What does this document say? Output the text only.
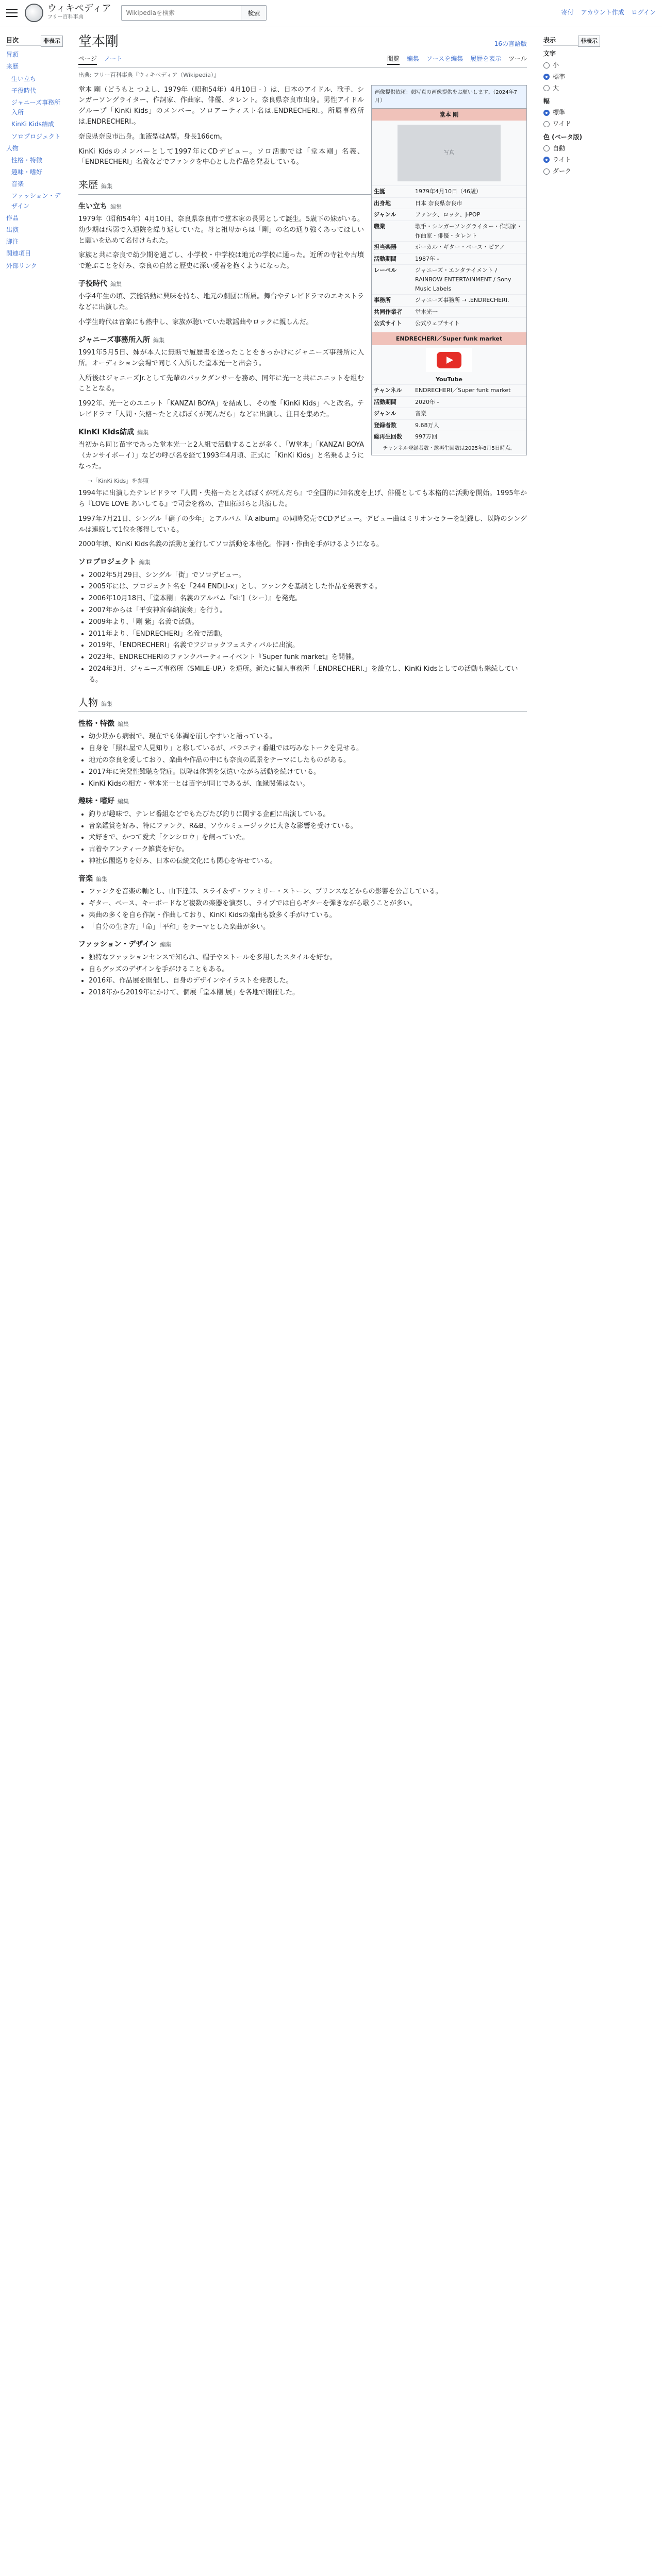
ウィキペディア
フリー百科事典
Wikipediaを検索
検索	寄付 アカウント作成 ログイン
目次	非表示
冒頭
来歴
生い立ち
子役時代
ジャニーズ事務所入所
KinKi Kids結成
ソロプロジェクト
人物
性格・特徴
趣味・嗜好
音楽
ファッション・デザイン
作品
出演
脚注
関連項目
外部リンク
堂本剛	16の言語版
ページ ノート	閲覧 編集 ソースを編集 履歴を表示 ツール
出典: フリー百科事典『ウィキペディア（Wikipedia）』
画像提供依頼：顔写真の画像提供をお願いします。（2024年7月）
堂本 剛
写真
生誕	1979年4月10日（46歳）
出身地	日本 奈良県奈良市
ジャンル	ファンク、ロック、J-POP
職業	歌手・シンガーソングライター・作詞家・作曲家・俳優・タレント
担当楽器	ボーカル・ギター・ベース・ピアノ
活動期間	1987年 -
レーベル	ジャニーズ・エンタテイメント / RAINBOW ENTERTAINMENT / Sony Music Labels
事務所	ジャニーズ事務所 → .ENDRECHERI.
共同作業者	堂本光一
公式サイト	公式ウェブサイト
ENDRECHERI／Super funk market
YouTube
チャンネル	ENDRECHERI／Super funk market
活動期間	2020年 -
ジャンル	音楽
登録者数	9.68万人
総再生回数	997万回
チャンネル登録者数・総再生回数は2025年8月5日時点。

堂本 剛（どうもと つよし、1979年（昭和54年）4月10日 - ）は、日本のアイドル、歌手、シンガーソングライター、作詞家、作曲家、俳優、タレント。奈良県奈良市出身。男性アイドルグループ「KinKi Kids」のメンバー。ソロアーティスト名は.ENDRECHERI.。所属事務所は.ENDRECHERI.。

奈良県奈良市出身。血液型はA型。身長166cm。

KinKi Kidsのメンバーとして1997年にCDデビュー。ソロ活動では「堂本剛」名義、「ENDRECHERI」名義などでファンクを中心とした作品を発表している。

来歴 編集
生い立ち 編集

1979年（昭和54年）4月10日、奈良県奈良市で堂本家の長男として誕生。5歳下の妹がいる。幼少期は病弱で入退院を繰り返していた。母と祖母からは「剛」の名の通り強くあってほしいと願いを込めて名付けられた。

家族と共に奈良で幼少期を過ごし、小学校・中学校は地元の学校に通った。近所の寺社や古墳で遊ぶことを好み、奈良の自然と歴史に深い愛着を抱くようになった。

子役時代 編集

小学4年生の頃、芸能活動に興味を持ち、地元の劇団に所属。舞台やテレビドラマのエキストラなどに出演した。

小学生時代は音楽にも熱中し、家族が聴いていた歌謡曲やロックに親しんだ。

ジャニーズ事務所入所 編集

1991年5月5日、姉が本人に無断で履歴書を送ったことをきっかけにジャニーズ事務所に入所。オーディション会場で同じく入所した堂本光一と出会う。

入所後はジャニーズJr.として先輩のバックダンサーを務め、同年に光一と共にユニットを組むこととなる。

1992年、光一とのユニット「KANZAI BOYA」を結成し、その後「KinKi Kids」へと改名。テレビドラマ「人間・失格〜たとえばぼくが死んだら」などに出演し、注目を集めた。

KinKi Kids結成 編集

当初から同じ苗字であった堂本光一と2人組で活動することが多く、「W堂本」「KANZAI BOYA（カンサイボーイ）」などの呼び名を経て1993年4月頃、正式に「KinKi Kids」と名乗るようになった。

→「KinKi Kids」を参照

1994年に出演したテレビドラマ『人間・失格〜たとえばぼくが死んだら』で全国的に知名度を上げ、俳優としても本格的に活動を開始。1995年から『LOVE LOVE あいしてる』で司会を務め、吉田拓郎らと共演した。

1997年7月21日、シングル「硝子の少年」とアルバム『A album』の同時発売でCDデビュー。デビュー曲はミリオンセラーを記録し、以降のシングルは連続して1位を獲得している。

2000年頃、KinKi Kids名義の活動と並行してソロ活動を本格化。作詞・作曲を手がけるようになる。

ソロプロジェクト 編集
• 2002年5月29日、シングル「街」でソロデビュー。
• 2005年には、プロジェクト名を「244 ENDLI-x」とし、ファンクを基調とした作品を発表する。
• 2006年10月18日、「堂本剛」名義のアルバム『si:']（シー）』を発売。
• 2007年からは「平安神宮奉納演奏」を行う。
• 2009年より、「剛 紫」名義で活動。
• 2011年より、「ENDRECHERI」名義で活動。
• 2019年、「ENDRECHERI」名義でフジロックフェスティバルに出演。
• 2023年、ENDRECHERIのファンクパーティーイベント『Super funk market』を開催。
• 2024年3月、ジャニーズ事務所（SMILE-UP.）を退所。新たに個人事務所「.ENDRECHERI.」を設立し、KinKi Kidsとしての活動も継続している。
人物 編集
性格・特徴 編集
• 幼少期から病弱で、現在でも体調を崩しやすいと語っている。
• 自身を「照れ屋で人見知り」と称しているが、バラエティ番組では巧みなトークを見せる。
• 地元の奈良を愛しており、楽曲や作品の中にも奈良の風景をテーマにしたものがある。
• 2017年に突発性難聴を発症。以降は体調を気遣いながら活動を続けている。
• KinKi Kidsの相方・堂本光一とは苗字が同じであるが、血縁関係はない。
趣味・嗜好 編集
• 釣りが趣味で、テレビ番組などでもたびたび釣りに関する企画に出演している。
• 音楽鑑賞を好み、特にファンク、R&B、ソウルミュージックに大きな影響を受けている。
• 犬好きで、かつて愛犬「ケンシロウ」を飼っていた。
• 古着やアンティーク雑貨を好む。
• 神社仏閣巡りを好み、日本の伝統文化にも関心を寄せている。
音楽 編集
• ファンクを音楽の軸とし、山下達郎、スライ＆ザ・ファミリー・ストーン、プリンスなどからの影響を公言している。
• ギター、ベース、キーボードなど複数の楽器を演奏し、ライブでは自らギターを弾きながら歌うことが多い。
• 楽曲の多くを自ら作詞・作曲しており、KinKi Kidsの楽曲も数多く手がけている。
• 「自分の生き方」「命」「平和」をテーマとした楽曲が多い。
ファッション・デザイン 編集
• 独特なファッションセンスで知られ、帽子やストールを多用したスタイルを好む。
• 自らグッズのデザインを手がけることもある。
• 2016年、作品展を開催し、自身のデザインやイラストを発表した。
• 2018年から2019年にかけて、個展「堂本剛 展」を各地で開催した。
表示	非表示
文字
小
標準
大
幅
標準
ワイド
色 (ベータ版)
自動
ライト
ダーク
